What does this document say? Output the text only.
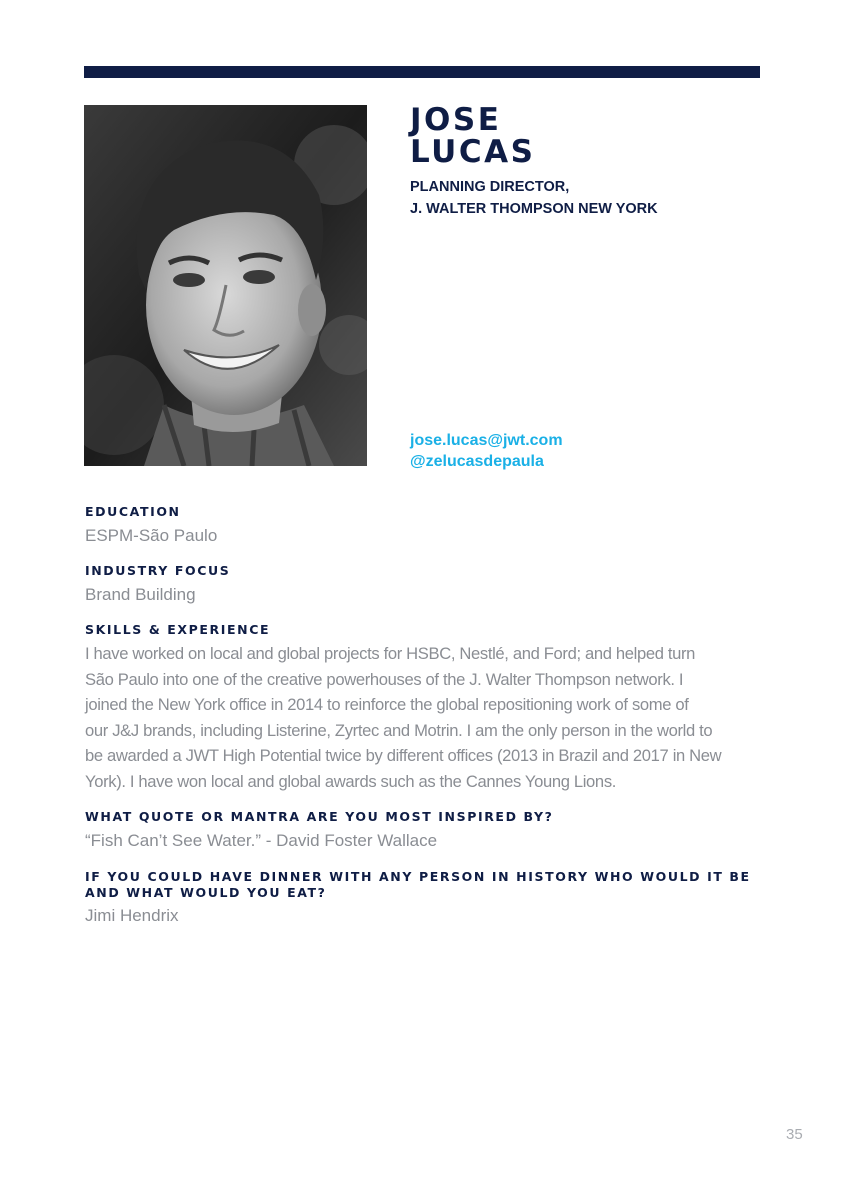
JOSE
LUCAS
PLANNING DIRECTOR,
J. WALTER THOMPSON NEW YORK
jose.lucas@jwt.com
@zelucasdepaula
EDUCATION

ESPM-São Paulo

INDUSTRY FOCUS

Brand Building

SKILLS & EXPERIENCE

I have worked on local and global projects for HSBC, Nestlé, and Ford; and helped turn
São Paulo into one of the creative powerhouses of the J. Walter Thompson network. I
joined the New York office in 2014 to reinforce the global repositioning work of some of
our J&J brands, including Listerine, Zyrtec and Motrin. I am the only person in the world to
be awarded a JWT High Potential twice by different offices (2013 in Brazil and 2017 in New
York). I have won local and global awards such as the Cannes Young Lions.

WHAT QUOTE OR MANTRA ARE YOU MOST INSPIRED BY?

“Fish Can’t See Water.” - David Foster Wallace

IF YOU COULD HAVE DINNER WITH ANY PERSON IN HISTORY WHO WOULD IT BE
AND WHAT WOULD YOU EAT?

Jimi Hendrix

35
